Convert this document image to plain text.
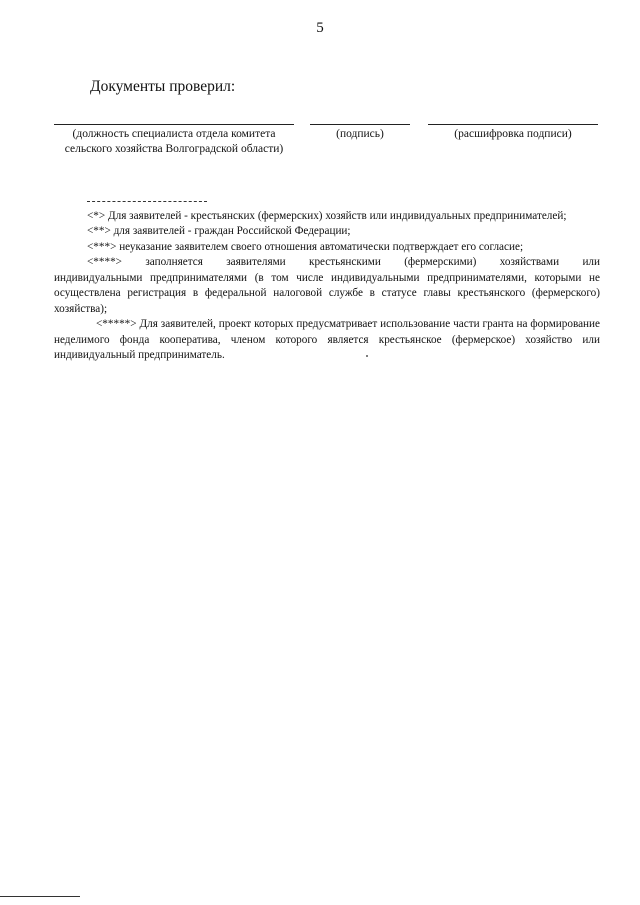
5
Документы проверил:
(должность специалиста отдела комитета сельского хозяйства Волгоградской области)
(подпись)	(расшифровка подписи)

<*> Для заявителей - крестьянских (фермерских) хозяйств или индивидуальных предпринимателей;

<**> для заявителей - граждан Российской Федерации;

<***> неуказание заявителем своего отношения автоматически подтверждает его согласие;

<****> заполняется заявителями крестьянскими (фермерскими) хозяйствами или

индивидуальными предпринимателями (в том числе индивидуальными предпринимателями, которыми не осуществлена регистрация в федеральной налоговой службе в статусе главы крестьянского (фермерского) хозяйства);

<*****> Для заявителей, проект которых предусматривает использование части гранта на формирование неделимого фонда кооператива, членом которого является крестьянское (фермерское) хозяйство или индивидуальный предприниматель.
